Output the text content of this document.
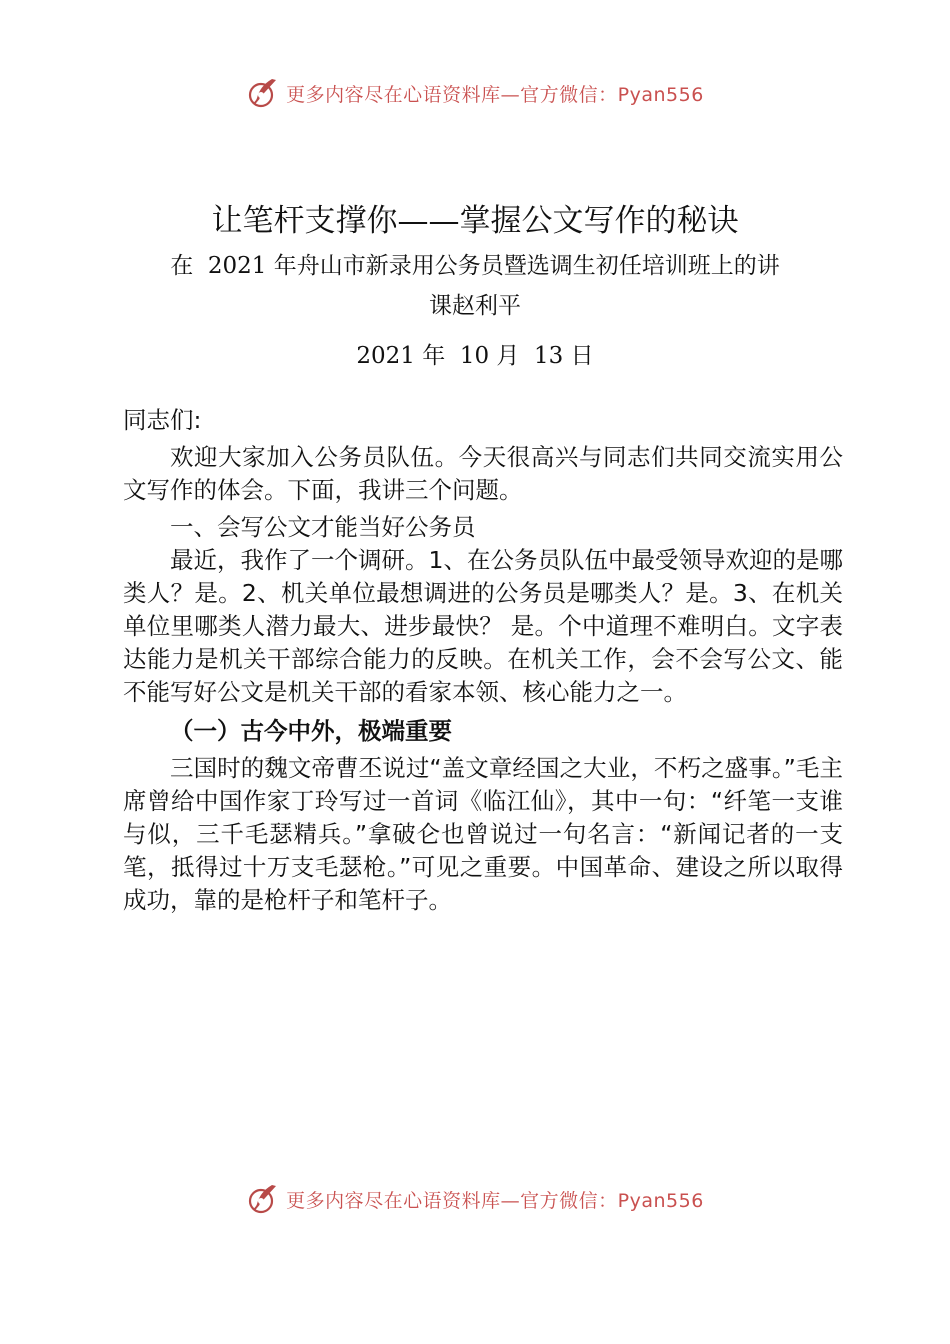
更多内容尽在心语资料库—官方微信：Pyan556
让笔杆支撑你——掌握公文写作的秘诀

在  2021 年舟山市新录用公务员暨选调生初任培训班上的讲

课赵利平

2021 年  10 月  13 日

同志们:

欢迎大家加入公务员队伍。今天很高兴与同志们共同交流实用公文写作的体会。下面，我讲三个问题。

一、会写公文才能当好公务员

最近，我作了一个调研。1、在公务员队伍中最受领导欢迎的是哪类人？是。2、机关单位最想调进的公务员是哪类人？是。3、在机关单位里哪类人潜力最大、进步最快？ 是。个中道理不难明白。文字表达能力是机关干部综合能力的反映。在机关工作，会不会写公文、能不能写好公文是机关干部的看家本领、核心能力之一。

（一）古今中外，极端重要

三国时的魏文帝曹丕说过“盖文章经国之大业，不朽之盛事。”毛主席曾给中国作家丁玲写过一首词《临江仙》，其中一句：“纤笔一支谁与似，三千毛瑟精兵。”拿破仑也曾说过一句名言：“新闻记者的一支笔，抵得过十万支毛瑟枪。”可见之重要。中国革命、建设之所以取得成功，靠的是枪杆子和笔杆子。

更多内容尽在心语资料库—官方微信：Pyan556
